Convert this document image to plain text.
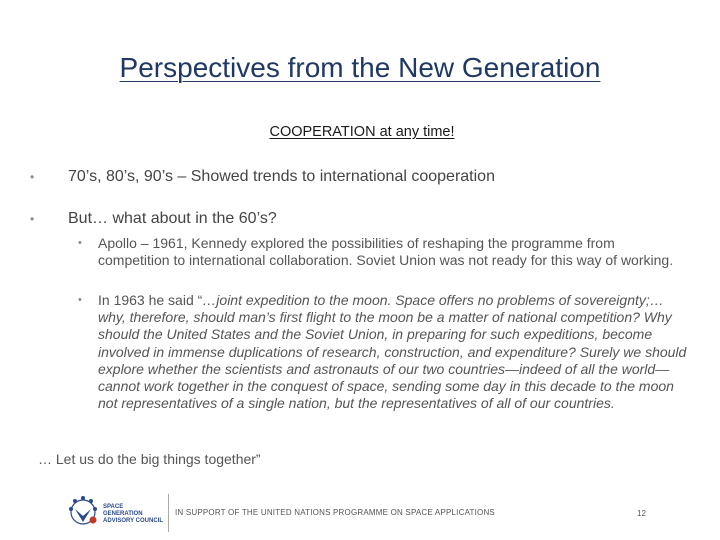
Perspectives from the New Generation
COOPERATION at any time!
•	70’s, 80’s, 90’s – Showed trends to international cooperation
•	But… what about in the 60’s?
•	Apollo – 1961, Kennedy explored the possibilities of reshaping the programme from competition to international collaboration. Soviet Union was not ready for this way of working.
•	In 1963 he said “…joint expedition to the moon. Space offers no problems of sovereignty;…why, therefore, should man’s first flight to the moon be a matter of national competition? Why should the United States and the Soviet Union, in preparing for such expeditions, become involved in immense duplications of research, construction, and expenditure? Surely we should explore whether the scientists and astronauts of our two countries—indeed of all the world—cannot work together in the conquest of space, sending some day in this decade to the moon not representatives of a single nation, but the representatives of all of our countries.
… Let us do the big things together”
SPACE GENERATION
ADVISORY COUNCIL
IN SUPPORT OF THE UNITED NATIONS PROGRAMME ON SPACE APPLICATIONS	12
